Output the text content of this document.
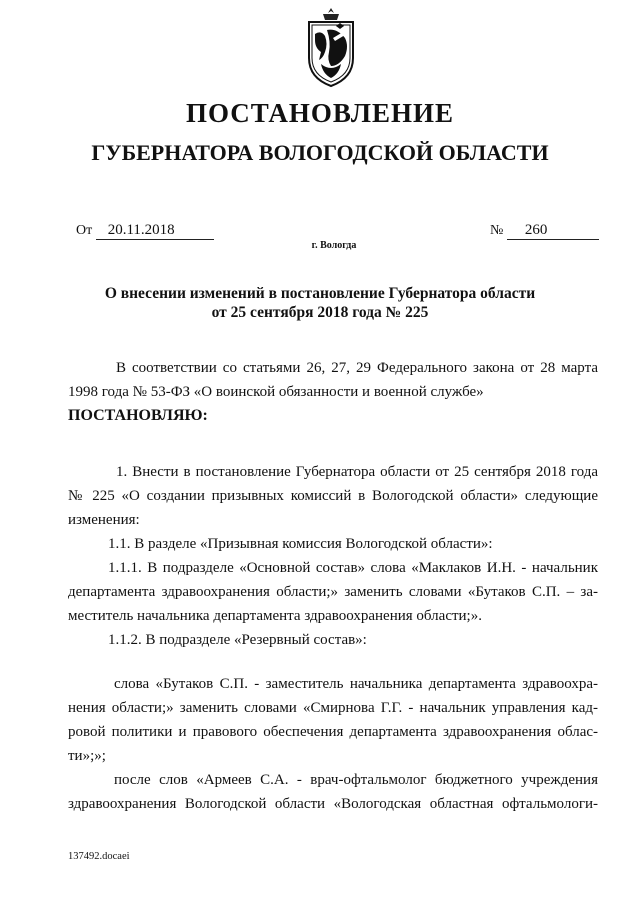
ПОСТАНОВЛЕНИЕ
ГУБЕРНАТОРА ВОЛОГОДСКОЙ ОБЛАСТИ
От 20.11.2018	№ 260
г. Вологда
О внесении изменений в постановление Губернатора области
от 25 сентября 2018 года № 225
В соответствии со статьями 26, 27, 29 Федерального закона от 28 марта
1998 года № 53-ФЗ «О воинской обязанности и военной службе»
ПОСТАНОВЛЯЮ:
1. Внести в постановление Губернатора области от 25 сентября 2018 года
№ 225 «О создании призывных комиссий в Вологодской области» следующие
изменения:
1.1. В разделе «Призывная комиссия Вологодской области»:
1.1.1. В подразделе «Основной состав» слова «Маклаков И.Н. - начальник
департамента здравоохранения области;» заменить словами «Бутаков С.П. – за-
меститель начальника департамента здравоохранения области;».
1.1.2. В подразделе «Резервный состав»:
слова «Бутаков С.П. - заместитель начальника департамента здравоохра-
нения области;» заменить словами «Смирнова Г.Г. - начальник управления кад-
ровой политики и правового обеспечения департамента здравоохранения облас-
ти»;»;
после слов «Армеев С.А. - врач-офтальмолог бюджетного учреждения
здравоохранения Вологодской области «Вологодская областная офтальмологи-
137492.docaei
